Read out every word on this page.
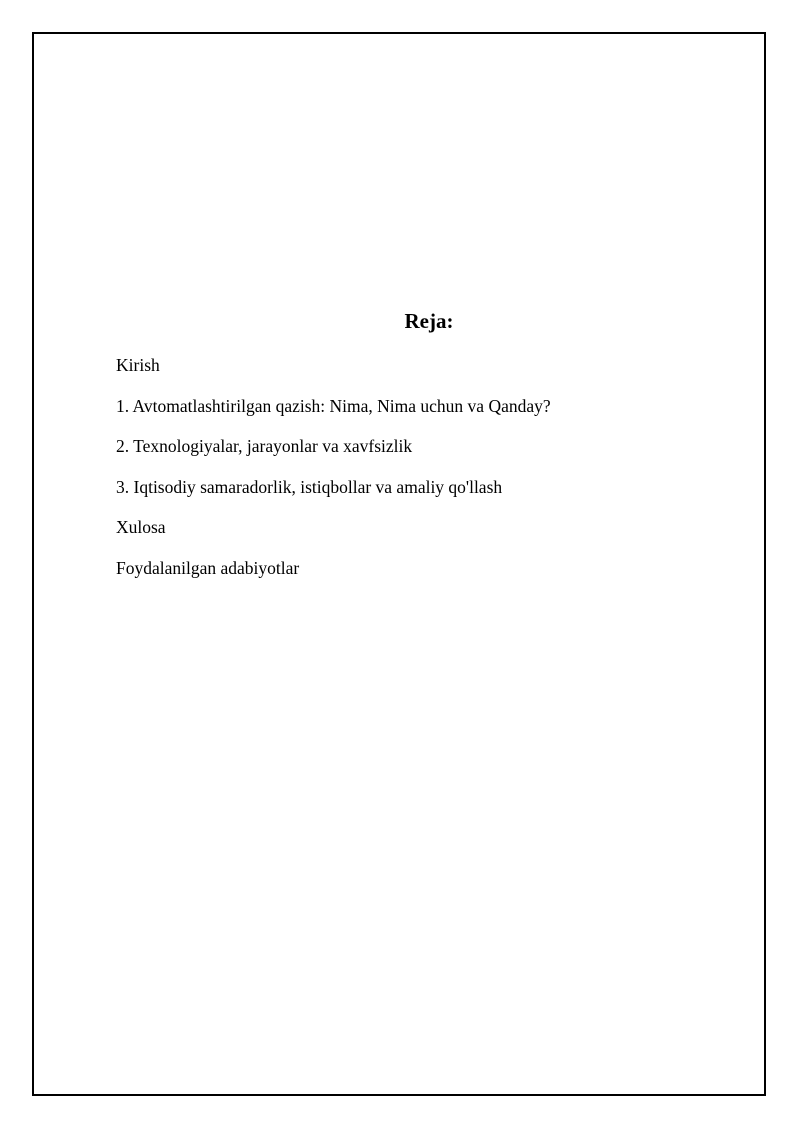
Reja:
Kirish
1. Avtomatlashtirilgan qazish: Nima, Nima uchun va Qanday?
2. Texnologiyalar, jarayonlar va xavfsizlik
3. Iqtisodiy samaradorlik, istiqbollar va amaliy qo'llash
Xulosa
Foydalanilgan adabiyotlar
